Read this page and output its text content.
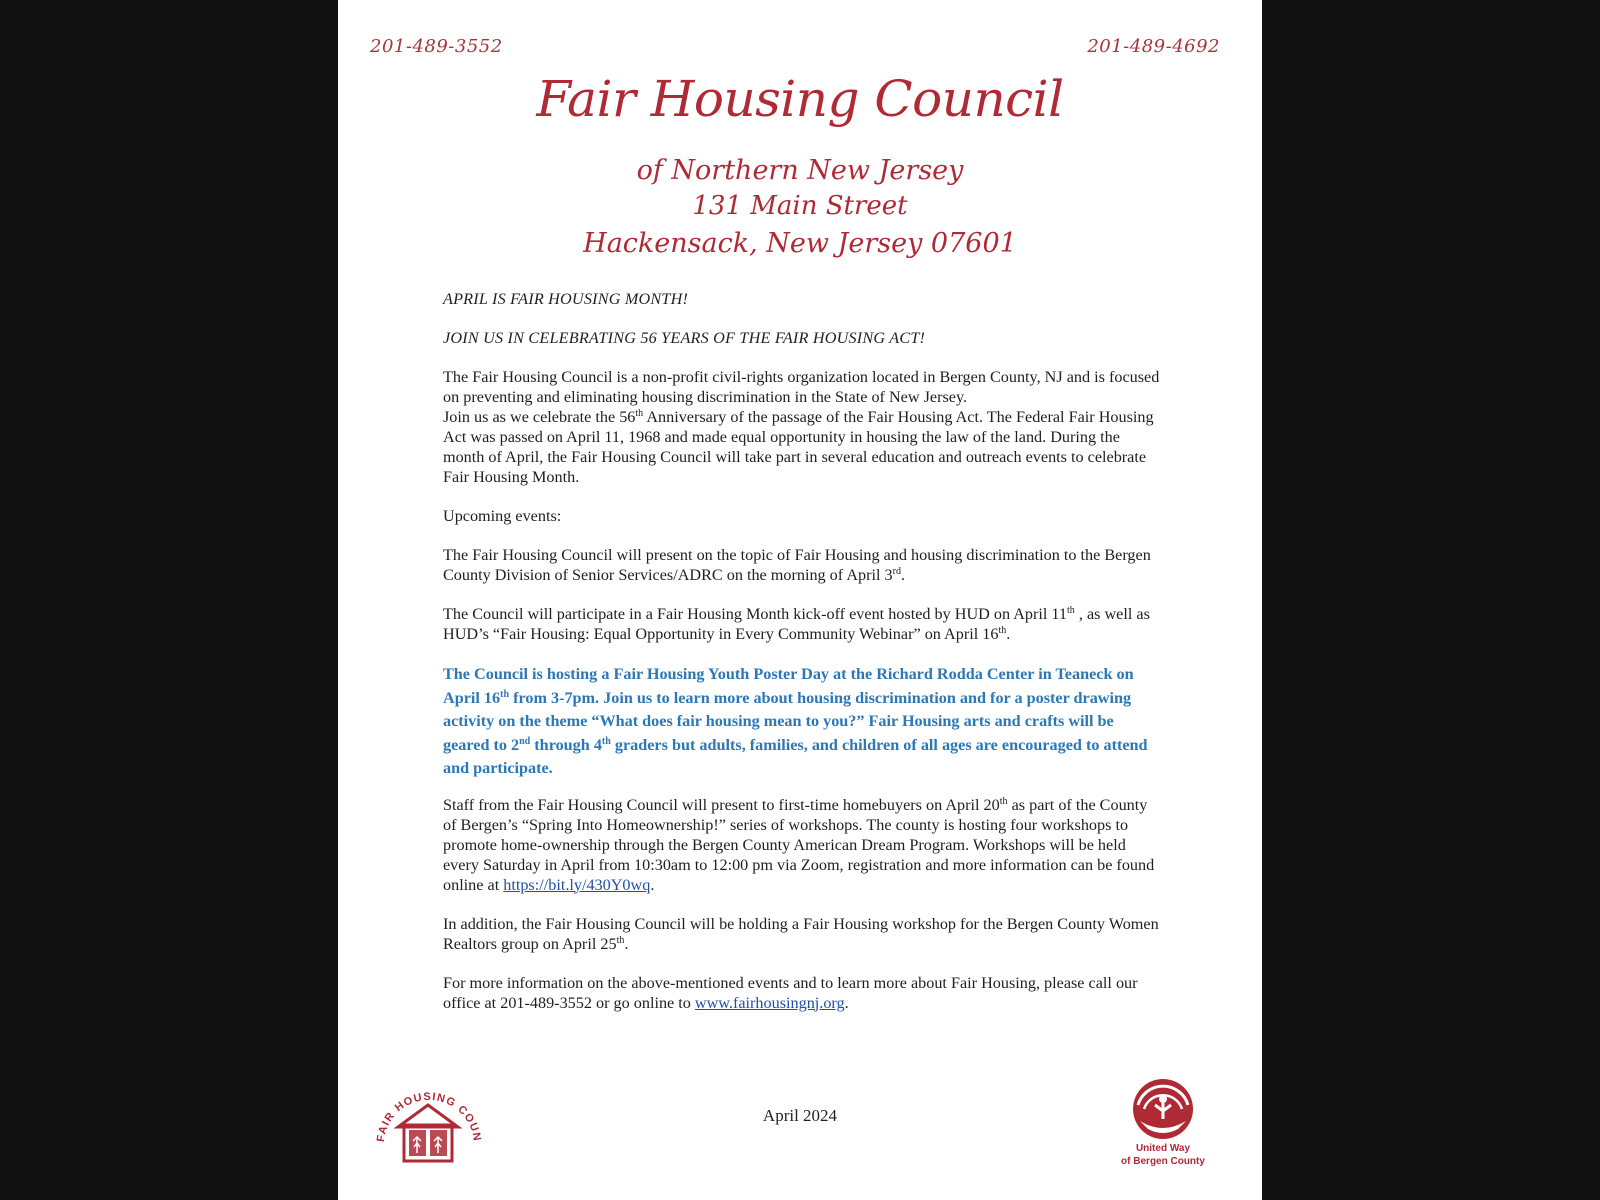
201-489-3552	201-489-4692
Fair Housing Council
of Northern New Jersey
131 Main Street
Hackensack, New Jersey 07601

APRIL IS FAIR HOUSING MONTH!

JOIN US IN CELEBRATING 56 YEARS OF THE FAIR HOUSING ACT!

The Fair Housing Council is a non-profit civil-rights organization located in Bergen County, NJ and is focused on preventing and eliminating housing discrimination in the State of New Jersey.
Join us as we celebrate the 56th Anniversary of the passage of the Fair Housing Act. The Federal Fair Housing Act was passed on April 11, 1968 and made equal opportunity in housing the law of the land. During the month of April, the Fair Housing Council will take part in several education and outreach events to celebrate Fair Housing Month.

Upcoming events:

The Fair Housing Council will present on the topic of Fair Housing and housing discrimination to the Bergen County Division of Senior Services/ADRC on the morning of April 3rd.

The Council will participate in a Fair Housing Month kick-off event hosted by HUD on April 11th , as well as HUD’s “Fair Housing: Equal Opportunity in Every Community Webinar” on April 16th.

The Council is hosting a Fair Housing Youth Poster Day at the Richard Rodda Center in Teaneck on April 16th from 3-7pm. Join us to learn more about housing discrimination and for a poster drawing activity on the theme “What does fair housing mean to you?” Fair Housing arts and crafts will be geared to 2nd through 4th graders but adults, families, and children of all ages are encouraged to attend and participate.

Staff from the Fair Housing Council will present to first-time homebuyers on April 20th as part of the County of Bergen’s “Spring Into Homeownership!” series of workshops. The county is hosting four workshops to promote home-ownership through the Bergen County American Dream Program. Workshops will be held every Saturday in April from 10:30am to 12:00 pm via Zoom, registration and more information can be found online at https://bit.ly/430Y0wq.

In addition, the Fair Housing Council will be holding a Fair Housing workshop for the Bergen County Women Realtors group on April 25th.

For more information on the above-mentioned events and to learn more about Fair Housing, please call our office at 201-489-3552 or go online to www.fairhousingnj.org.

April 2024
FAIR HOUSING COUN
United Way
of Bergen County
